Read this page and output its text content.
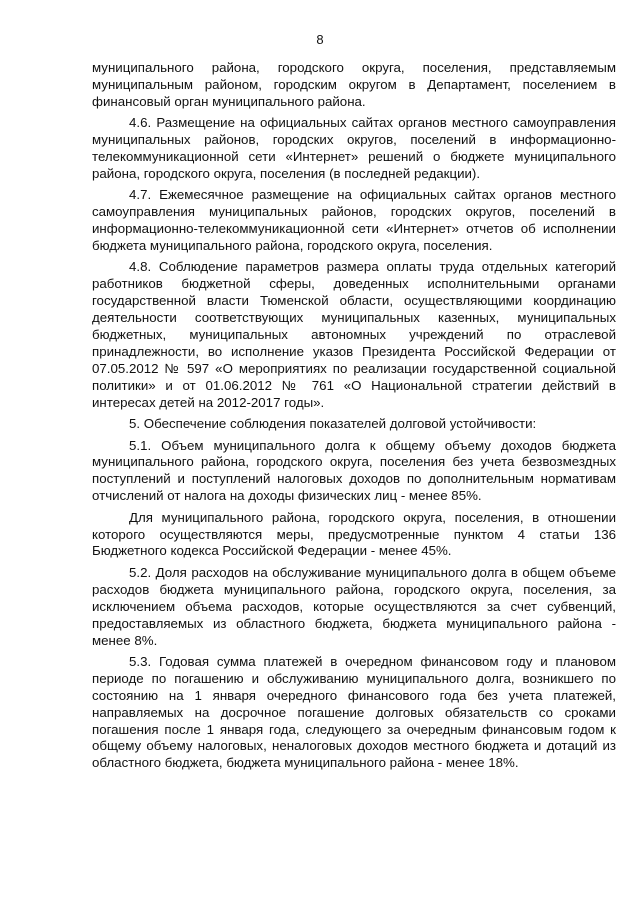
8

муниципального района, городского округа, поселения, представляемым муниципальным районом, городским округом в Департамент, поселением в финансовый орган муниципального района.

4.6. Размещение на официальных сайтах органов местного самоуправления муниципальных районов, городских округов, поселений в информационно-телекоммуникационной сети «Интернет» решений о бюджете муниципального района, городского округа, поселения (в последней редакции).

4.7. Ежемесячное размещение на официальных сайтах органов местного самоуправления муниципальных районов, городских округов, поселений в информационно-телекоммуникационной сети «Интернет» отчетов об исполнении бюджета муниципального района, городского округа, поселения.

4.8. Соблюдение параметров размера оплаты труда отдельных категорий работников бюджетной сферы, доведенных исполнительными органами государственной власти Тюменской области, осуществляющими координацию деятельности соответствующих муниципальных казенных, муниципальных бюджетных, муниципальных автономных учреждений по отраслевой принадлежности, во исполнение указов Президента Российской Федерации от 07.05.2012 № 597 «О мероприятиях по реализации государственной социальной политики» и от 01.06.2012 № 761 «О Национальной стратегии действий в интересах детей на 2012-2017 годы».

5. Обеспечение соблюдения показателей долговой устойчивости:

5.1. Объем муниципального долга к общему объему доходов бюджета муниципального района, городского округа, поселения без учета безвозмездных поступлений и поступлений налоговых доходов по дополнительным нормативам отчислений от налога на доходы физических лиц - менее 85%.

Для муниципального района, городского округа, поселения, в отношении которого осуществляются меры, предусмотренные пунктом 4 статьи 136 Бюджетного кодекса Российской Федерации - менее 45%.

5.2. Доля расходов на обслуживание муниципального долга в общем объеме расходов бюджета муниципального района, городского округа, поселения, за исключением объема расходов, которые осуществляются за счет субвенций, предоставляемых из областного бюджета, бюджета муниципального района - менее 8%.

5.3. Годовая сумма платежей в очередном финансовом году и плановом периоде по погашению и обслуживанию муниципального долга, возникшего по состоянию на 1 января очередного финансового года без учета платежей, направляемых на досрочное погашение долговых обязательств со сроками погашения после 1 января года, следующего за очередным финансовым годом к общему объему налоговых, неналоговых доходов местного бюджета и дотаций из областного бюджета, бюджета муниципального района - менее 18%.
